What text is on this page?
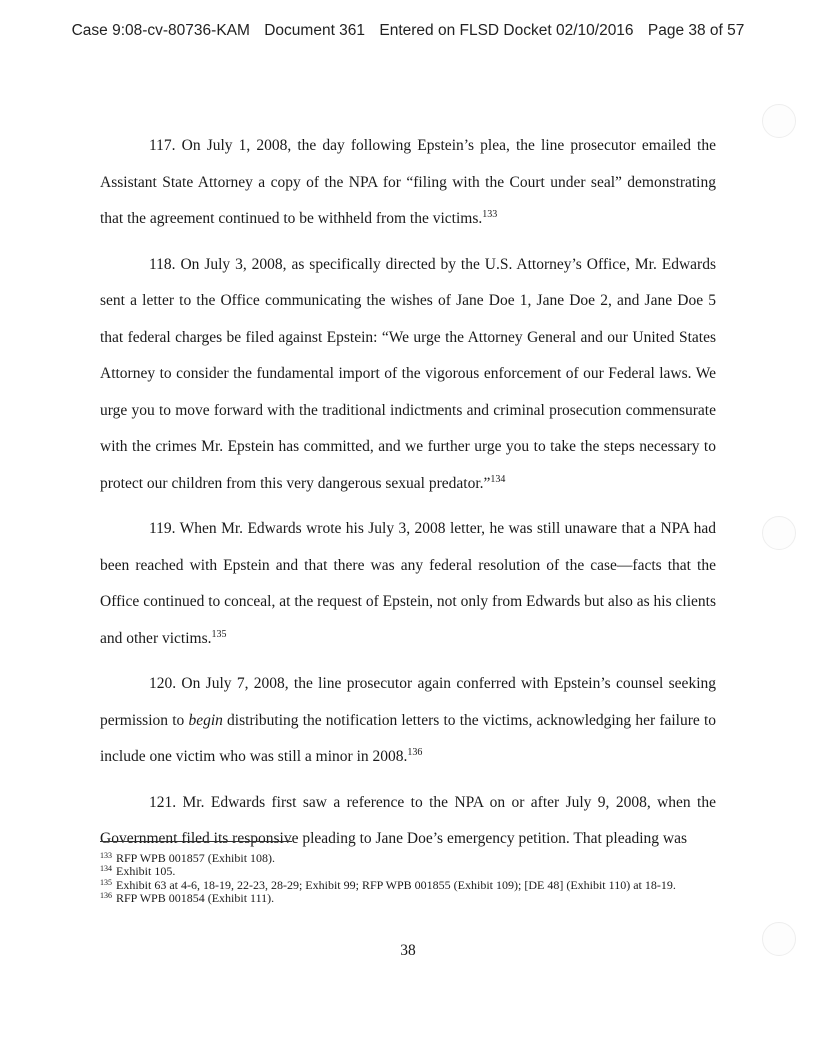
Case 9:08-cv-80736-KAM Document 361 Entered on FLSD Docket 02/10/2016 Page 38 of 57

117. On July 1, 2008, the day following Epstein’s plea, the line prosecutor emailed the Assistant State Attorney a copy of the NPA for “filing with the Court under seal” demonstrating that the agreement continued to be withheld from the victims.$^{133}$

118. On July 3, 2008, as specifically directed by the U.S. Attorney’s Office, Mr. Edwards sent a letter to the Office communicating the wishes of Jane Doe 1, Jane Doe 2, and Jane Doe 5 that federal charges be filed against Epstein: “We urge the Attorney General and our United States Attorney to consider the fundamental import of the vigorous enforcement of our Federal laws. We urge you to move forward with the traditional indictments and criminal prosecution commensurate with the crimes Mr. Epstein has committed, and we further urge you to take the steps necessary to protect our children from this very dangerous sexual predator.”$^{134}$

119. When Mr. Edwards wrote his July 3, 2008 letter, he was still unaware that a NPA had been reached with Epstein and that there was any federal resolution of the case—facts that the Office continued to conceal, at the request of Epstein, not only from Edwards but also as his clients and other victims.$^{135}$

120. On July 7, 2008, the line prosecutor again conferred with Epstein’s counsel seeking permission to begin distributing the notification letters to the victims, acknowledging her failure to include one victim who was still a minor in 2008.$^{136}$

121. Mr. Edwards first saw a reference to the NPA on or after July 9, 2008, when the Government filed its responsive pleading to Jane Doe’s emergency petition. That pleading was

$^{133}$ RFP WPB 001857 (Exhibit 108).

$^{134}$ Exhibit 105.

$^{135}$ Exhibit 63 at 4-6, 18-19, 22-23, 28-29; Exhibit 99; RFP WPB 001855 (Exhibit 109); [DE 48] (Exhibit 110) at 18-19.

$^{136}$ RFP WPB 001854 (Exhibit 111).

38
